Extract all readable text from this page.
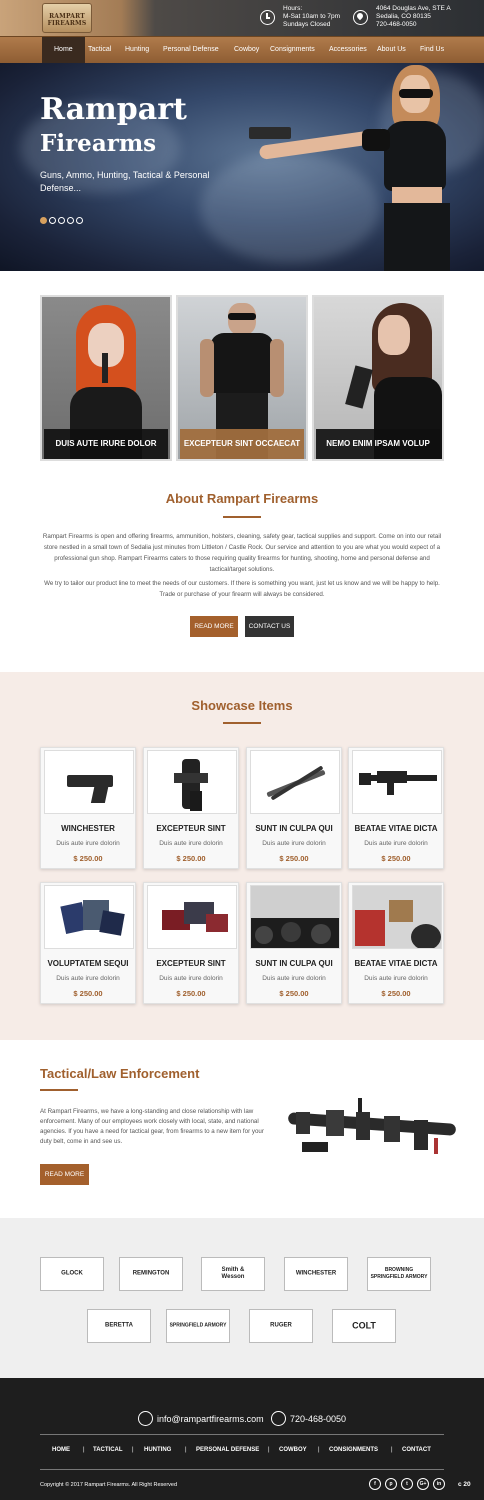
RAMPART FIREARMS
Hours:
M-Sat 10am to 7pm
Sundays Closed
4064 Douglas Ave, STE A
Sedalia, CO 80135
720-468-0050
Home	Tactical Hunting Personal Defense Cowboy Consignments Accessories About Us Find Us
Rampart
Firearms
Guns, Ammo, Hunting, Tactical & Personal Defense...
DUIS AUTE IRURE DOLOR	EXCEPTEUR SINT OCCAECAT	NEMO ENIM IPSAM VOLUP
About Rampart Firearms
Rampart Firearms is open and offering firearms, ammunition, holsters, cleaning, safety gear, tactical supplies and support. Come on into our retail store nestled in a small town of Sedalia just minutes from Littleton / Castle Rock. Our service and attention to you are what you would expect of a professional gun shop. Rampart Firearms caters to those requiring quality firearms for hunting, shooting, home and personal defense and tactical/target solutions.
We try to tailor our product line to meet the needs of our customers. If there is something you want, just let us know and we will be happy to help. Trade or purchase of your firearm will always be considered.
READ MORE	CONTACT US
Showcase Items
WINCHESTER
Duis aute irure dolorin
$ 250.00
EXCEPTEUR SINT
Duis aute irure dolorin
$ 250.00
SUNT IN CULPA QUI
Duis aute irure dolorin
$ 250.00
BEATAE VITAE DICTA
Duis aute irure dolorin
$ 250.00
VOLUPTATEM SEQUI
Duis aute irure dolorin
$ 250.00
EXCEPTEUR SINT
Duis aute irure dolorin
$ 250.00
SUNT IN CULPA QUI
Duis aute irure dolorin
$ 250.00
BEATAE VITAE DICTA
Duis aute irure dolorin
$ 250.00
Tactical/Law Enforcement
At Rampart Firearms, we have a long-standing and close relationship with law enforcement. Many of our employees work closely with local, state, and national agencies. If you have a need for tactical gear, from firearms to a new item for your duty belt, come in and see us.
READ MORE
GLOCK	REMINGTON
Smith & Wesson
WINCHESTER
BROWNING SPRINGFIELD ARMORY
BERETTA	SPRINGFIELD ARMORY	RUGER	COLT
info@rampartfirearms.com	720-468-0050
HOME | TACTICAL | HUNTING | PERSONAL DEFENSE | COWBOY | CONSIGNMENTS | CONTACT
Copyright © 2017 Rampart Firearms. All Right Reserved	f	p	t	G+	in	c 20
